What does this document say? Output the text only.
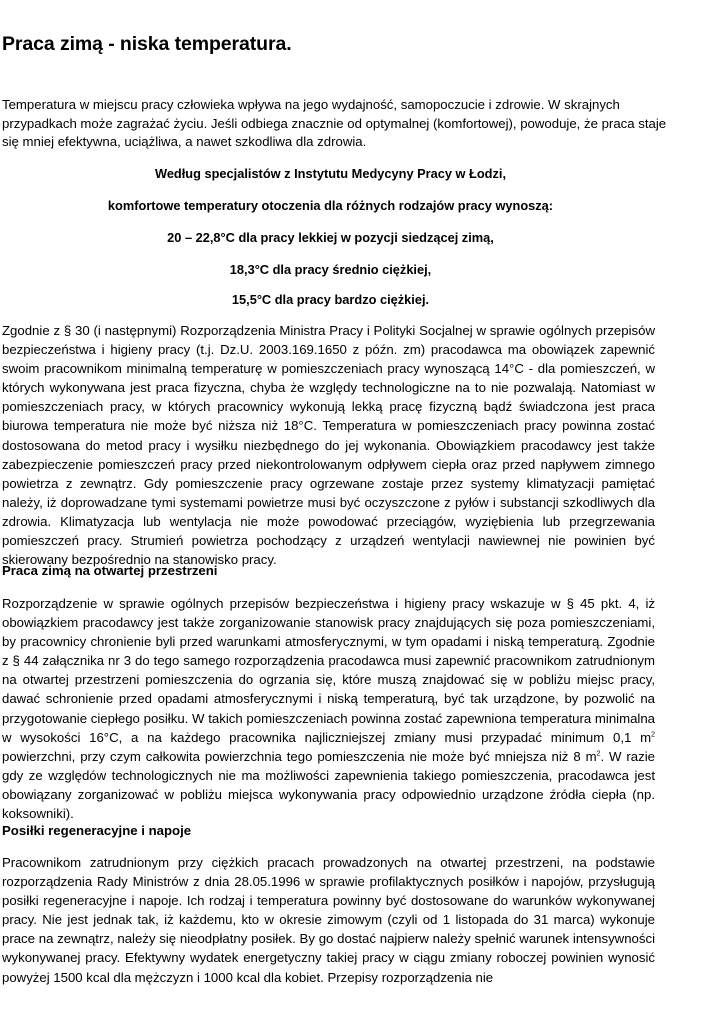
Praca zimą - niska temperatura.

Temperatura w miejscu pracy człowieka wpływa na jego wydajność, samopoczucie i zdrowie. W skrajnych przypadkach może zagrażać życiu. Jeśli odbiega znacznie od optymalnej (komfortowej), powoduje, że praca staje się mniej efektywna, uciążliwa, a nawet szkodliwa dla zdrowia.

Według specjalistów z Instytutu Medycyny Pracy w Łodzi,

komfortowe temperatury otoczenia dla różnych rodzajów pracy wynoszą:

20 – 22,8°C dla pracy lekkiej w pozycji siedzącej zimą,

18,3°C dla pracy średnio ciężkiej,

15,5°C dla pracy bardzo ciężkiej.

Zgodnie z § 30 (i następnymi) Rozporządzenia Ministra Pracy i Polityki Socjalnej w sprawie ogólnych przepisów bezpieczeństwa i higieny pracy (t.j. Dz.U. 2003.169.1650 z późn. zm) pracodawca ma obowiązek zapewnić swoim pracownikom minimalną temperaturę w pomieszczeniach pracy wynoszącą 14°C - dla pomieszczeń, w których wykonywana jest praca fizyczna, chyba że względy technologiczne na to nie pozwalają. Natomiast w pomieszczeniach pracy, w których pracownicy wykonują lekką pracę fizyczną bądź świadczona jest praca biurowa temperatura nie może być niższa niż 18°C. Temperatura w pomieszczeniach pracy powinna zostać dostosowana do metod pracy i wysiłku niezbędnego do jej wykonania. Obowiązkiem pracodawcy jest także zabezpieczenie pomieszczeń pracy przed niekontrolowanym odpływem ciepła oraz przed napływem zimnego powietrza z zewnątrz. Gdy pomieszczenie pracy ogrzewane zostaje przez systemy klimatyzacji pamiętać należy, iż doprowadzane tymi systemami powietrze musi być oczyszczone z pyłów i substancji szkodliwych dla zdrowia. Klimatyzacja lub wentylacja nie może powodować przeciągów, wyziębienia lub przegrzewania pomieszczeń pracy. Strumień powietrza pochodzący z urządzeń wentylacji nawiewnej nie powinien być skierowany bezpośrednio na stanowisko pracy.

Praca zimą na otwartej przestrzeni

Rozporządzenie w sprawie ogólnych przepisów bezpieczeństwa i higieny pracy wskazuje w § 45 pkt. 4, iż obowiązkiem pracodawcy jest także zorganizowanie stanowisk pracy znajdujących się poza pomieszczeniami, by pracownicy chronienie byli przed warunkami atmosferycznymi, w tym opadami i niską temperaturą. Zgodnie z § 44 załącznika nr 3 do tego samego rozporządzenia pracodawca musi zapewnić pracownikom zatrudnionym na otwartej przestrzeni pomieszczenia do ogrzania się, które muszą znajdować się w pobliżu miejsc pracy, dawać schronienie przed opadami atmosferycznymi i niską temperaturą, być tak urządzone, by pozwolić na przygotowanie ciepłego posiłku. W takich pomieszczeniach powinna zostać zapewniona temperatura minimalna w wysokości 16°C, a na każdego pracownika najliczniejszej zmiany musi przypadać minimum 0,1 $m^2$ powierzchni, przy czym całkowita powierzchnia tego pomieszczenia nie może być mniejsza niż 8 $m^2$. W razie gdy ze względów technologicznych nie ma możliwości zapewnienia takiego pomieszczenia, pracodawca jest obowiązany zorganizować w pobliżu miejsca wykonywania pracy odpowiednio urządzone źródła ciepła (np. koksowniki).

Posiłki regeneracyjne i napoje

Pracownikom zatrudnionym przy ciężkich pracach prowadzonych na otwartej przestrzeni, na podstawie rozporządzenia Rady Ministrów z dnia 28.05.1996 w sprawie profilaktycznych posiłków i napojów, przysługują posiłki regeneracyjne i napoje. Ich rodzaj i temperatura powinny być dostosowane do warunków wykonywanej pracy. Nie jest jednak tak, iż każdemu, kto w okresie zimowym (czyli od 1 listopada do 31 marca) wykonuje prace na zewnątrz, należy się nieodpłatny posiłek. By go dostać najpierw należy spełnić warunek intensywności wykonywanej pracy. Efektywny wydatek energetyczny takiej pracy w ciągu zmiany roboczej powinien wynosić powyżej 1500 kcal dla mężczyzn i 1000 kcal dla kobiet. Przepisy rozporządzenia nie
